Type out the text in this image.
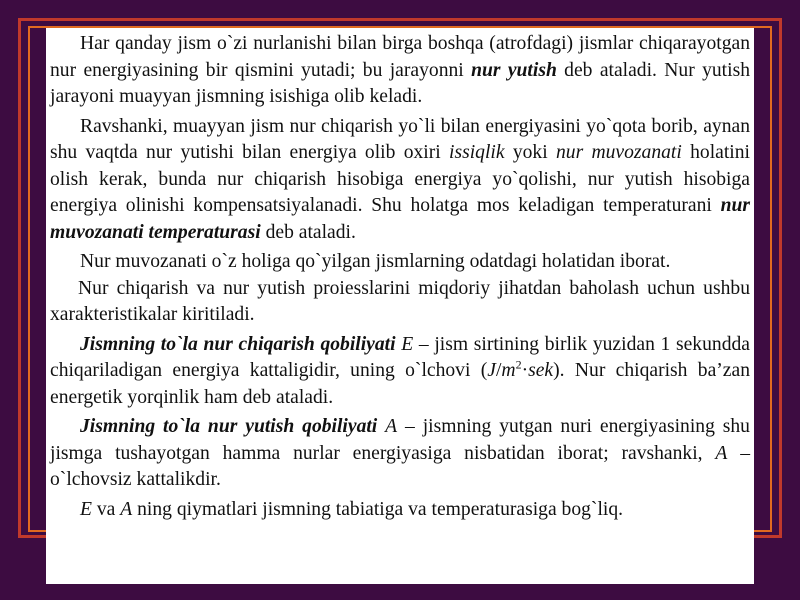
Har qanday jism o`zi nurlanishi bilan birga boshqa (atrofdagi) jismlar chiqarayotgan nur energiyasining bir qismini yutadi; bu jarayonni nur yutish deb ataladi. Nur yutish jarayoni muayyan jismning isishiga olib keladi.

Ravshanki, muayyan jism nur chiqarish yo`li bilan energiyasini yo`qota borib, aynan shu vaqtda nur yutishi bilan energiya olib oxiri issiqlik yoki nur muvozanati holatini olish kerak, bunda nur chiqarish hisobiga energiya yo`qolishi, nur yutish hisobiga energiya olinishi kompensatsiyalanadi. Shu holatga mos keladigan temperaturani nur muvozanati temperaturasi deb ataladi.

Nur muvozanati o`z holiga qo`yilgan jismlarning odatdagi holatidan iborat.

Nur chiqarish va nur yutish proiesslarini miqdoriy jihatdan baholash uchun ushbu xarakteristikalar kiritiladi.

Jismning to`la nur chiqarish qobiliyati E – jism sirtining birlik yuzidan 1 sekundda chiqariladigan energiya kattaligidir, uning o`lchovi $(J/m^2\cdot sek)$. Nur chiqarish ba’zan energetik yorqinlik ham deb ataladi.

Jismning to`la nur yutish qobiliyati A – jismning yutgan nuri energiyasining shu jismga tushayotgan hamma nurlar energiyasiga nisbatidan iborat; ravshanki, A – o`lchovsiz kattalikdir.

E va A ning qiymatlari jismning tabiatiga va temperaturasiga bog`liq.
